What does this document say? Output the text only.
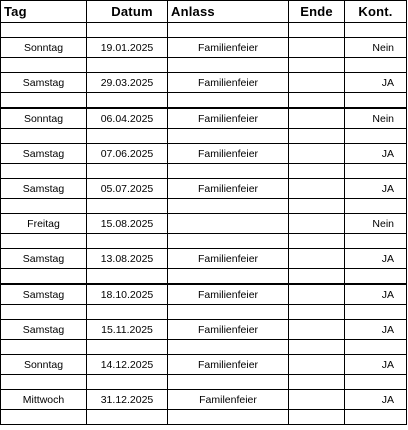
Tag	Datum	Anlass	Ende	Kont.

Sonntag	19.01.2025	Familienfeier		Nein

Samstag	29.03.2025	Familienfeier		JA

Sonntag	06.04.2025	Familienfeier		Nein

Samstag	07.06.2025	Familienfeier		JA

Samstag	05.07.2025	Familienfeier		JA

Freitag	15.08.2025			Nein

Samstag	13.08.2025	Familienfeier		JA

Samstag	18.10.2025	Familienfeier		JA

Samstag	15.11.2025	Familienfeier		JA

Sonntag	14.12.2025	Familienfeier		JA

Mittwoch	31.12.2025	Familenfeier		JA
